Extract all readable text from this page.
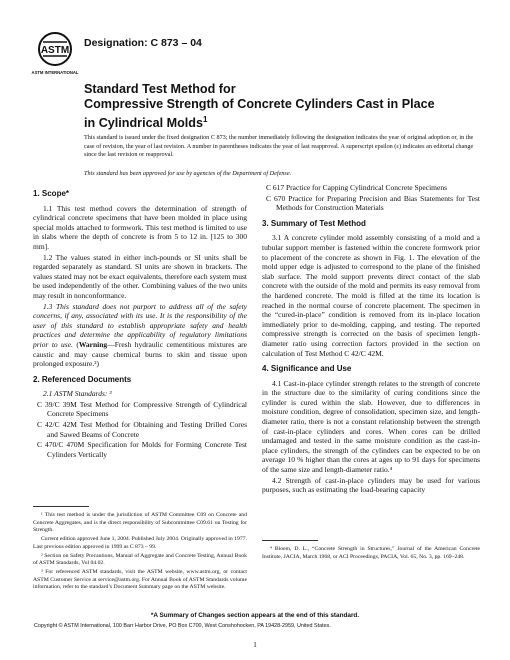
ASTM
ASTM INTERNATIONAL
Designation: C 873 – 04
Standard Test Method for
Compressive Strength of Concrete Cylinders Cast in Place
in Cylindrical Molds$^1$
This standard is issued under the fixed designation C 873; the number immediately following the designation indicates the year of original adoption or, in the case of revision, the year of last revision. A number in parentheses indicates the year of last reapproval. A superscript epsilon (ε) indicates an editorial change since the last revision or reapproval.
This standard has been approved for use by agencies of the Department of Defense.
1. Scope*

1.1 This test method covers the determination of strength of cylindrical concrete specimens that have been molded in place using special molds attached to formwork. This test method is limited to use in slabs where the depth of concrete is from 5 to 12 in. [125 to 300 mm].

1.2 The values stated in either inch-pounds or SI units shall be regarded separately as standard. SI units are shown in brackets. The values stated may not be exact equivalents, therefore each system must be used independently of the other. Combining values of the two units may result in nonconformance.

1.3 This standard does not purport to address all of the safety concerns, if any, associated with its use. It is the responsibility of the user of this standard to establish appropriate safety and health practices and determine the applicability of regulatory limitations prior to use. (Warning—Fresh hydraulic cementitious mixtures are caustic and may cause chemical burns to skin and tissue upon prolonged exposure.²)

2. Referenced Documents

2.1 ASTM Standards: ³

C 39/C 39M Test Method for Compressive Strength of Cylindrical Concrete Specimens
C 42/C 42M Test Method for Obtaining and Testing Drilled Cores and Sawed Beams of Concrete
C 470/C 470M Specification for Molds for Forming Concrete Test Cylinders Vertically

¹ This test method is under the jurisdiction of ASTM Committee C09 on Concrete and Concrete Aggregates, and is the direct responsibility of Subcommittee C09.61 on Testing for Strength.

Current edition approved June 1, 2004. Published July 2004. Originally approved in 1977. Last previous edition approved in 1999 as C 873 – 99.

² Section on Safety Precautions, Manual of Aggregate and Concrete Testing, Annual Book of ASTM Standards, Vol 04.02.

³ For referenced ASTM standards, visit the ASTM website, www.astm.org, or contact ASTM Customer Service at service@astm.org. For Annual Book of ASTM Standards volume information, refer to the standard’s Document Summary page on the ASTM website.

C 617 Practice for Capping Cylindrical Concrete Specimens
C 670 Practice for Preparing Precision and Bias Statements for Test Methods for Construction Materials
3. Summary of Test Method

3.1 A concrete cylinder mold assembly consisting of a mold and a tubular support member is fastened within the concrete formwork prior to placement of the concrete as shown in Fig. 1. The elevation of the mold upper edge is adjusted to correspond to the plane of the finished slab surface. The mold support prevents direct contact of the slab concrete with the outside of the mold and permits its easy removal from the hardened concrete. The mold is filled at the time its location is reached in the normal course of concrete placement. The specimen in the “cured-in-place” condition is removed from its in-place location immediately prior to de-molding, capping, and testing. The reported compressive strength is corrected on the basis of specimen length-diameter ratio using correction factors provided in the section on calculation of Test Method C 42/C 42M.

4. Significance and Use

4.1 Cast-in-place cylinder strength relates to the strength of concrete in the structure due to the similarity of curing conditions since the cylinder is cured within the slab. However, due to differences in moisture condition, degree of consolidation, specimen size, and length-diameter ratio, there is not a constant relationship between the strength of cast-in-place cylinders and cores. When cores can be drilled undamaged and tested in the same moisture condition as the cast-in-place cylinders, the strength of the cylinders can be expected to be on average 10 % higher than the cores at ages up to 91 days for specimens of the same size and length-diameter ratio.⁴

4.2 Strength of cast-in-place cylinders may be used for various purposes, such as estimating the load-bearing capacity

⁴ Bloem, D. L., “Concrete Strength in Structures,” Journal of the American Concrete Institute, JACIA, March 1968, or ACI Proceedings, PACIA, Vol. 65, No. 3, pp. 169–248.

*A Summary of Changes section appears at the end of this standard.
Copyright © ASTM International, 100 Barr Harbor Drive, PO Box C700, West Conshohocken, PA 19428-2959, United States.
1
